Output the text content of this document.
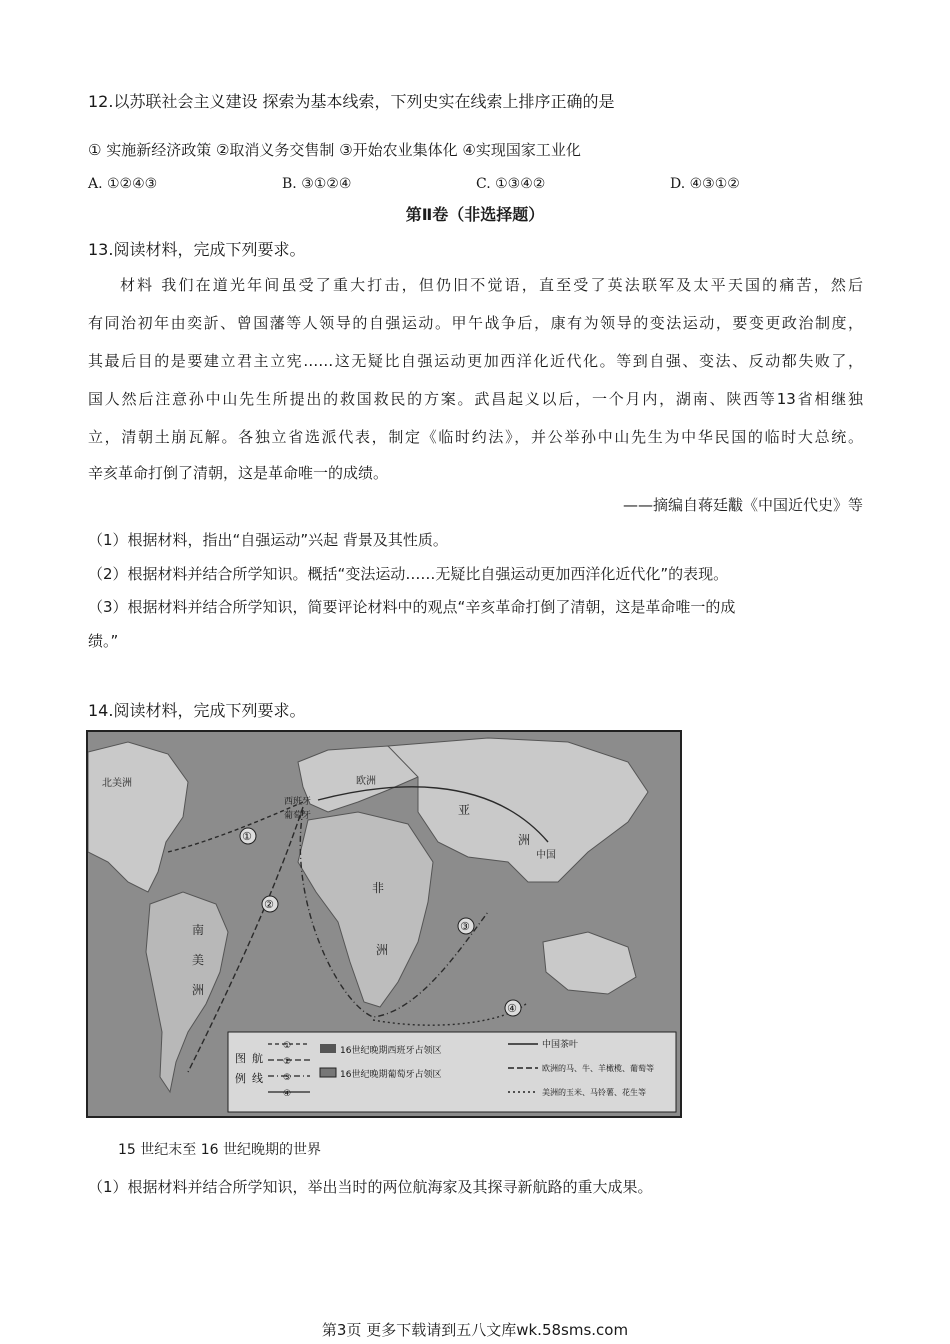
12.以苏联社会主义建设 探索为基本线索，下列史实在线索上排序正确的是
① 实施新经济政策 ②取消义务交售制 ③开始农业集体化 ④实现国家工业化
A. ①②④③	B. ③①②④	C. ①③④②	D. ④③①②
第Ⅱ卷（非选择题）
13.阅读材料，完成下列要求。
材料 我们在道光年间虽受了重大打击，但仍旧不觉语，直至受了英法联军及太平天国的痛苦，然后
有同治初年由奕訢、曾国藩等人领导的自强运动。甲午战争后，康有为领导的变法运动，要变更政治制度，
其最后目的是要建立君主立宪……这无疑比自强运动更加西洋化近代化。等到自强、变法、反动都失败了，
国人然后注意孙中山先生所提出的救国救民的方案。武昌起义以后，一个月内，湖南、陕西等13省相继独
立，清朝土崩瓦解。各独立省选派代表，制定《临时约法》，并公举孙中山先生为中华民国的临时大总统。
辛亥革命打倒了清朝，这是革命唯一的成绩。
——摘编自蒋廷黻《中国近代史》等
（1）根据材料，指出“自强运动”兴起 背景及其性质。
（2）根据材料并结合所学知识。概括“变法运动……无疑比自强运动更加西洋化近代化”的表现。
（3）根据材料并结合所学知识，简要评论材料中的观点“辛亥革命打倒了清朝，这是革命唯一的成
绩。”
14.阅读材料，完成下列要求。
北美洲
西班牙
葡萄牙
欧洲
亚
洲
中国
非
洲
南
美
洲
①
②
③
④
图
例
航
线
①
②
③
④
16世纪晚期西班牙占领区
16世纪晚期葡萄牙占领区
中国茶叶
欧洲的马、牛、羊橄榄、葡萄等
美洲的玉米、马铃薯、花生等
15 世纪末至 16 世纪晚期的世界
（1）根据材料并结合所学知识，举出当时的两位航海家及其探寻新航路的重大成果。
第3页 更多下载请到五八文库wk.58sms.com
